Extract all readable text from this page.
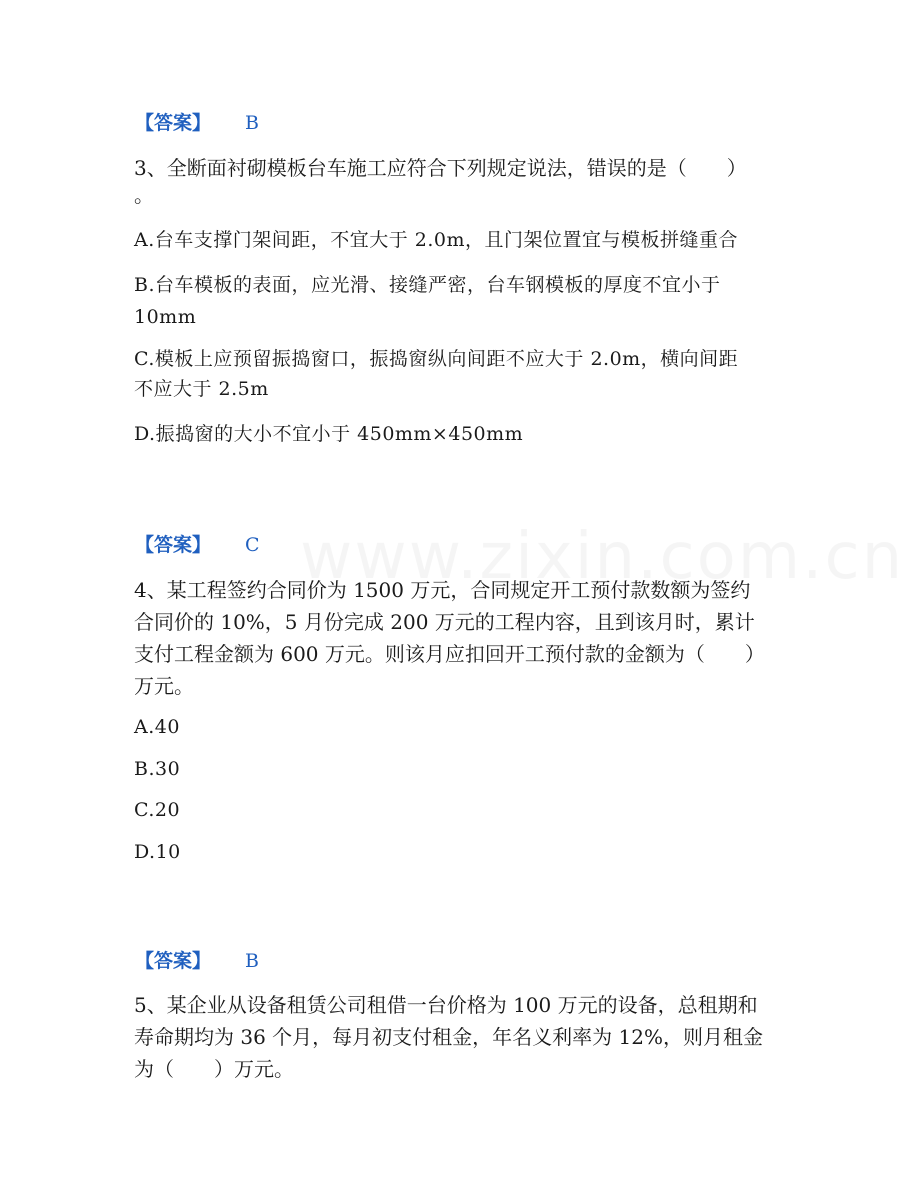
【答案】 B
3、全断面衬砌模板台车施工应符合下列规定说法，错误的是（　　）
。
A.台车支撑门架间距，不宜大于 2.0m，且门架位置宜与模板拼缝重合
B.台车模板的表面，应光滑、接缝严密，台车钢模板的厚度不宜小于
10mm
C.模板上应预留振捣窗口，振捣窗纵向间距不应大于 2.0m，横向间距
不应大于 2.5m
D.振捣窗的大小不宜小于 450mm×450mm
【答案】 C
4、某工程签约合同价为 1500 万元，合同规定开工预付款数额为签约
合同价的 10%，5 月份完成 200 万元的工程内容，且到该月时，累计
支付工程金额为 600 万元。则该月应扣回开工预付款的金额为（　　）
万元。
A.40
B.30
C.20
D.10
【答案】 B
5、某企业从设备租赁公司租借一台价格为 100 万元的设备，总租期和
寿命期均为 36 个月，每月初支付租金，年名义利率为 12%，则月租金
为（　　）万元。
